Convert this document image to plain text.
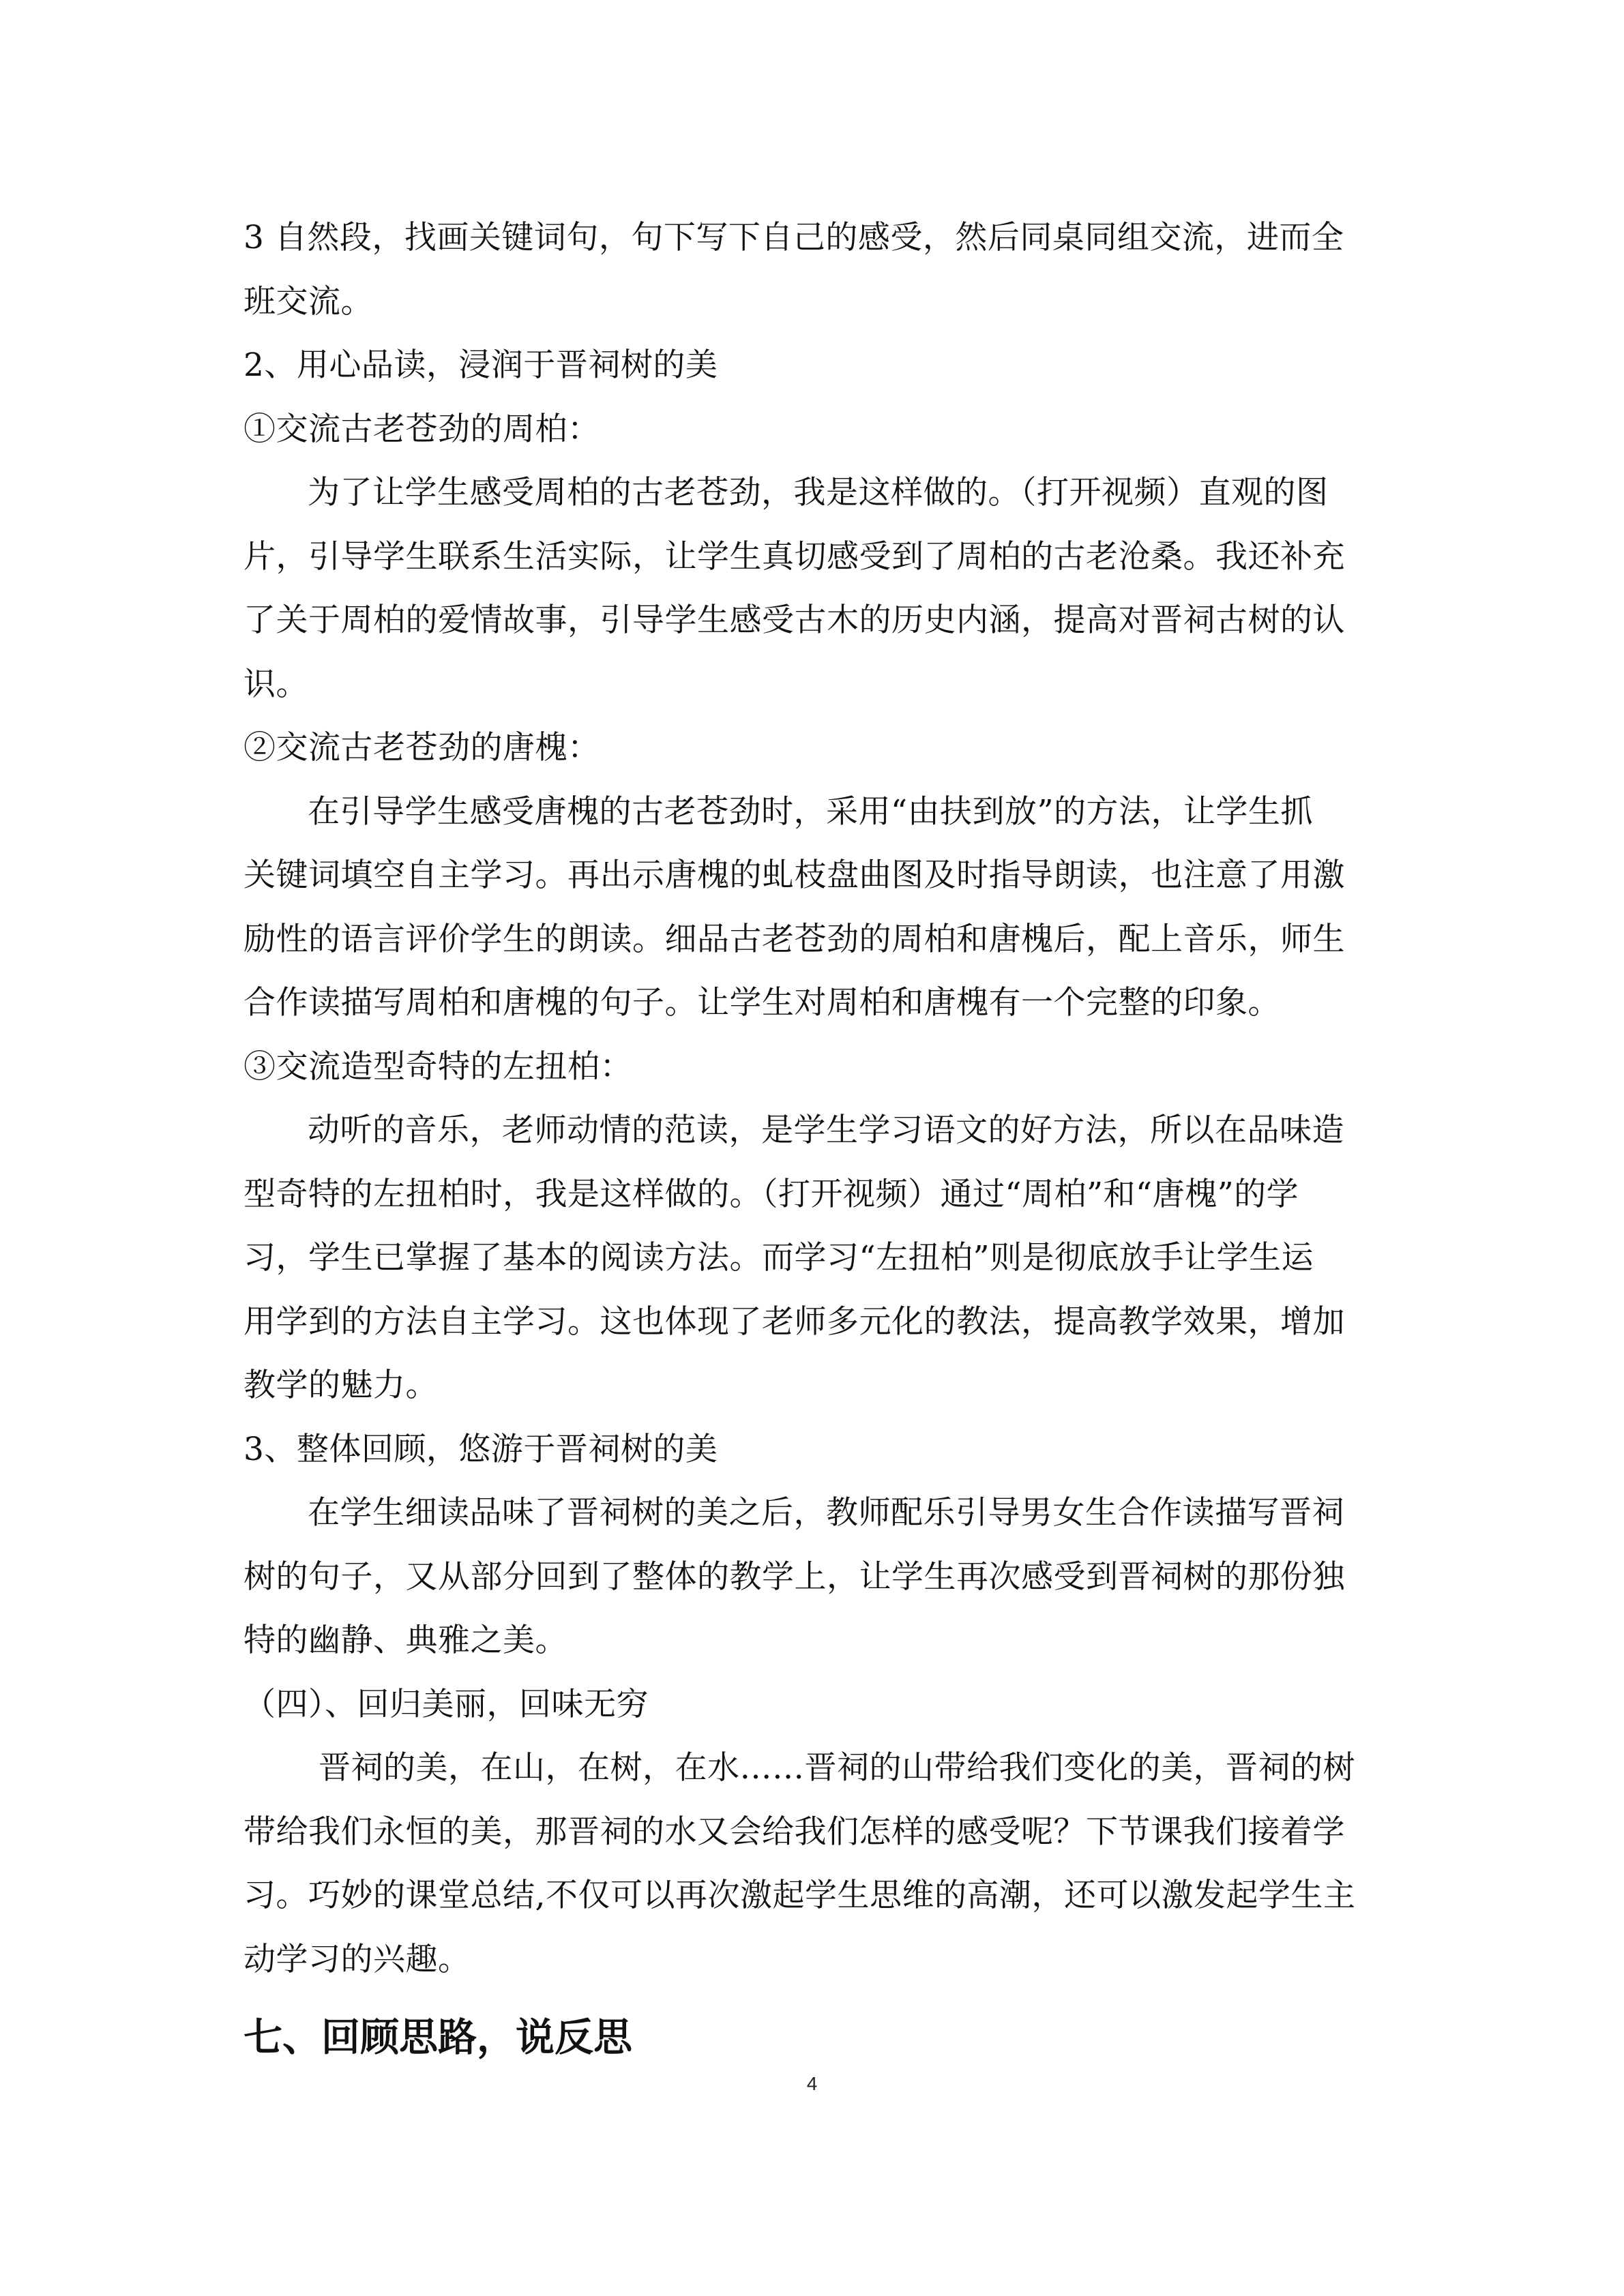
3 自然段，找画关键词句，句下写下自己的感受，然后同桌同组交流，进而全
班交流。
2、用心品读，浸润于晋祠树的美
①交流古老苍劲的周柏：
为了让学生感受周柏的古老苍劲，我是这样做的。（打开视频）直观的图
片，引导学生联系生活实际，让学生真切感受到了周柏的古老沧桑。我还补充
了关于周柏的爱情故事，引导学生感受古木的历史内涵，提高对晋祠古树的认
识。
②交流古老苍劲的唐槐：
在引导学生感受唐槐的古老苍劲时，采用“由扶到放”的方法，让学生抓
关键词填空自主学习。再出示唐槐的虬枝盘曲图及时指导朗读，也注意了用激
励性的语言评价学生的朗读。细品古老苍劲的周柏和唐槐后，配上音乐，师生
合作读描写周柏和唐槐的句子。让学生对周柏和唐槐有一个完整的印象。
③交流造型奇特的左扭柏：
动听的音乐，老师动情的范读，是学生学习语文的好方法，所以在品味造
型奇特的左扭柏时，我是这样做的。（打开视频）通过“周柏”和“唐槐”的学
习，学生已掌握了基本的阅读方法。而学习“左扭柏”则是彻底放手让学生运
用学到的方法自主学习。这也体现了老师多元化的教法，提高教学效果，增加
教学的魅力。
3、整体回顾，悠游于晋祠树的美
在学生细读品味了晋祠树的美之后，教师配乐引导男女生合作读描写晋祠
树的句子，又从部分回到了整体的教学上，让学生再次感受到晋祠树的那份独
特的幽静、典雅之美。
（四）、回归美丽，回味无穷
晋祠的美，在山，在树，在水……晋祠的山带给我们变化的美，晋祠的树
带给我们永恒的美，那晋祠的水又会给我们怎样的感受呢？下节课我们接着学
习。巧妙的课堂总结,不仅可以再次激起学生思维的高潮，还可以激发起学生主
动学习的兴趣。
七、回顾思路，说反思
4
